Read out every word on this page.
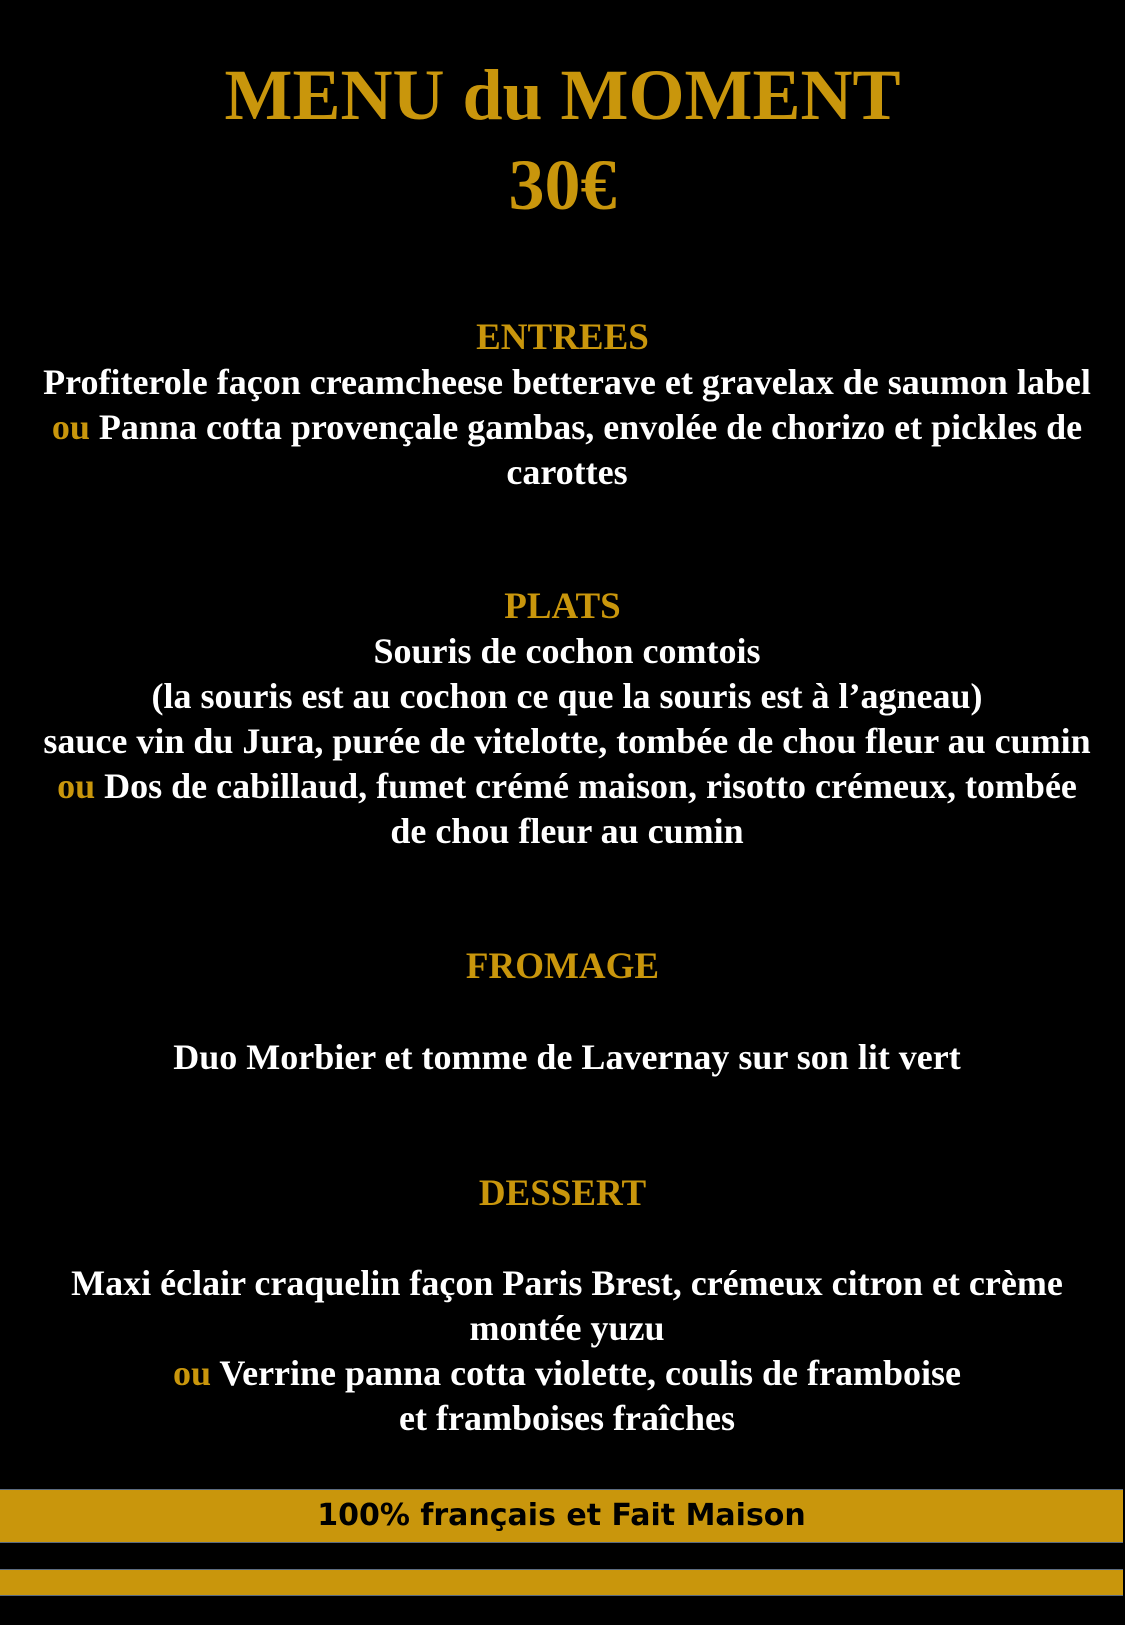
MENU du MOMENT
30€
ENTREES
Profiterole façon creamcheese betterave et gravelax de saumon label
ou Panna cotta provençale gambas, envolée de chorizo et pickles de
carottes
PLATS
Souris de cochon comtois
(la souris est au cochon ce que la souris est à l’agneau)
sauce vin du Jura, purée de vitelotte, tombée de chou fleur au cumin
ou Dos de cabillaud, fumet crémé maison, risotto crémeux, tombée
de chou fleur au cumin
FROMAGE
Duo Morbier et tomme de Lavernay sur son lit vert
DESSERT
Maxi éclair craquelin façon Paris Brest, crémeux citron et crème
montée yuzu
ou Verrine panna cotta violette, coulis de framboise
et framboises fraîches
100% français et Fait Maison
